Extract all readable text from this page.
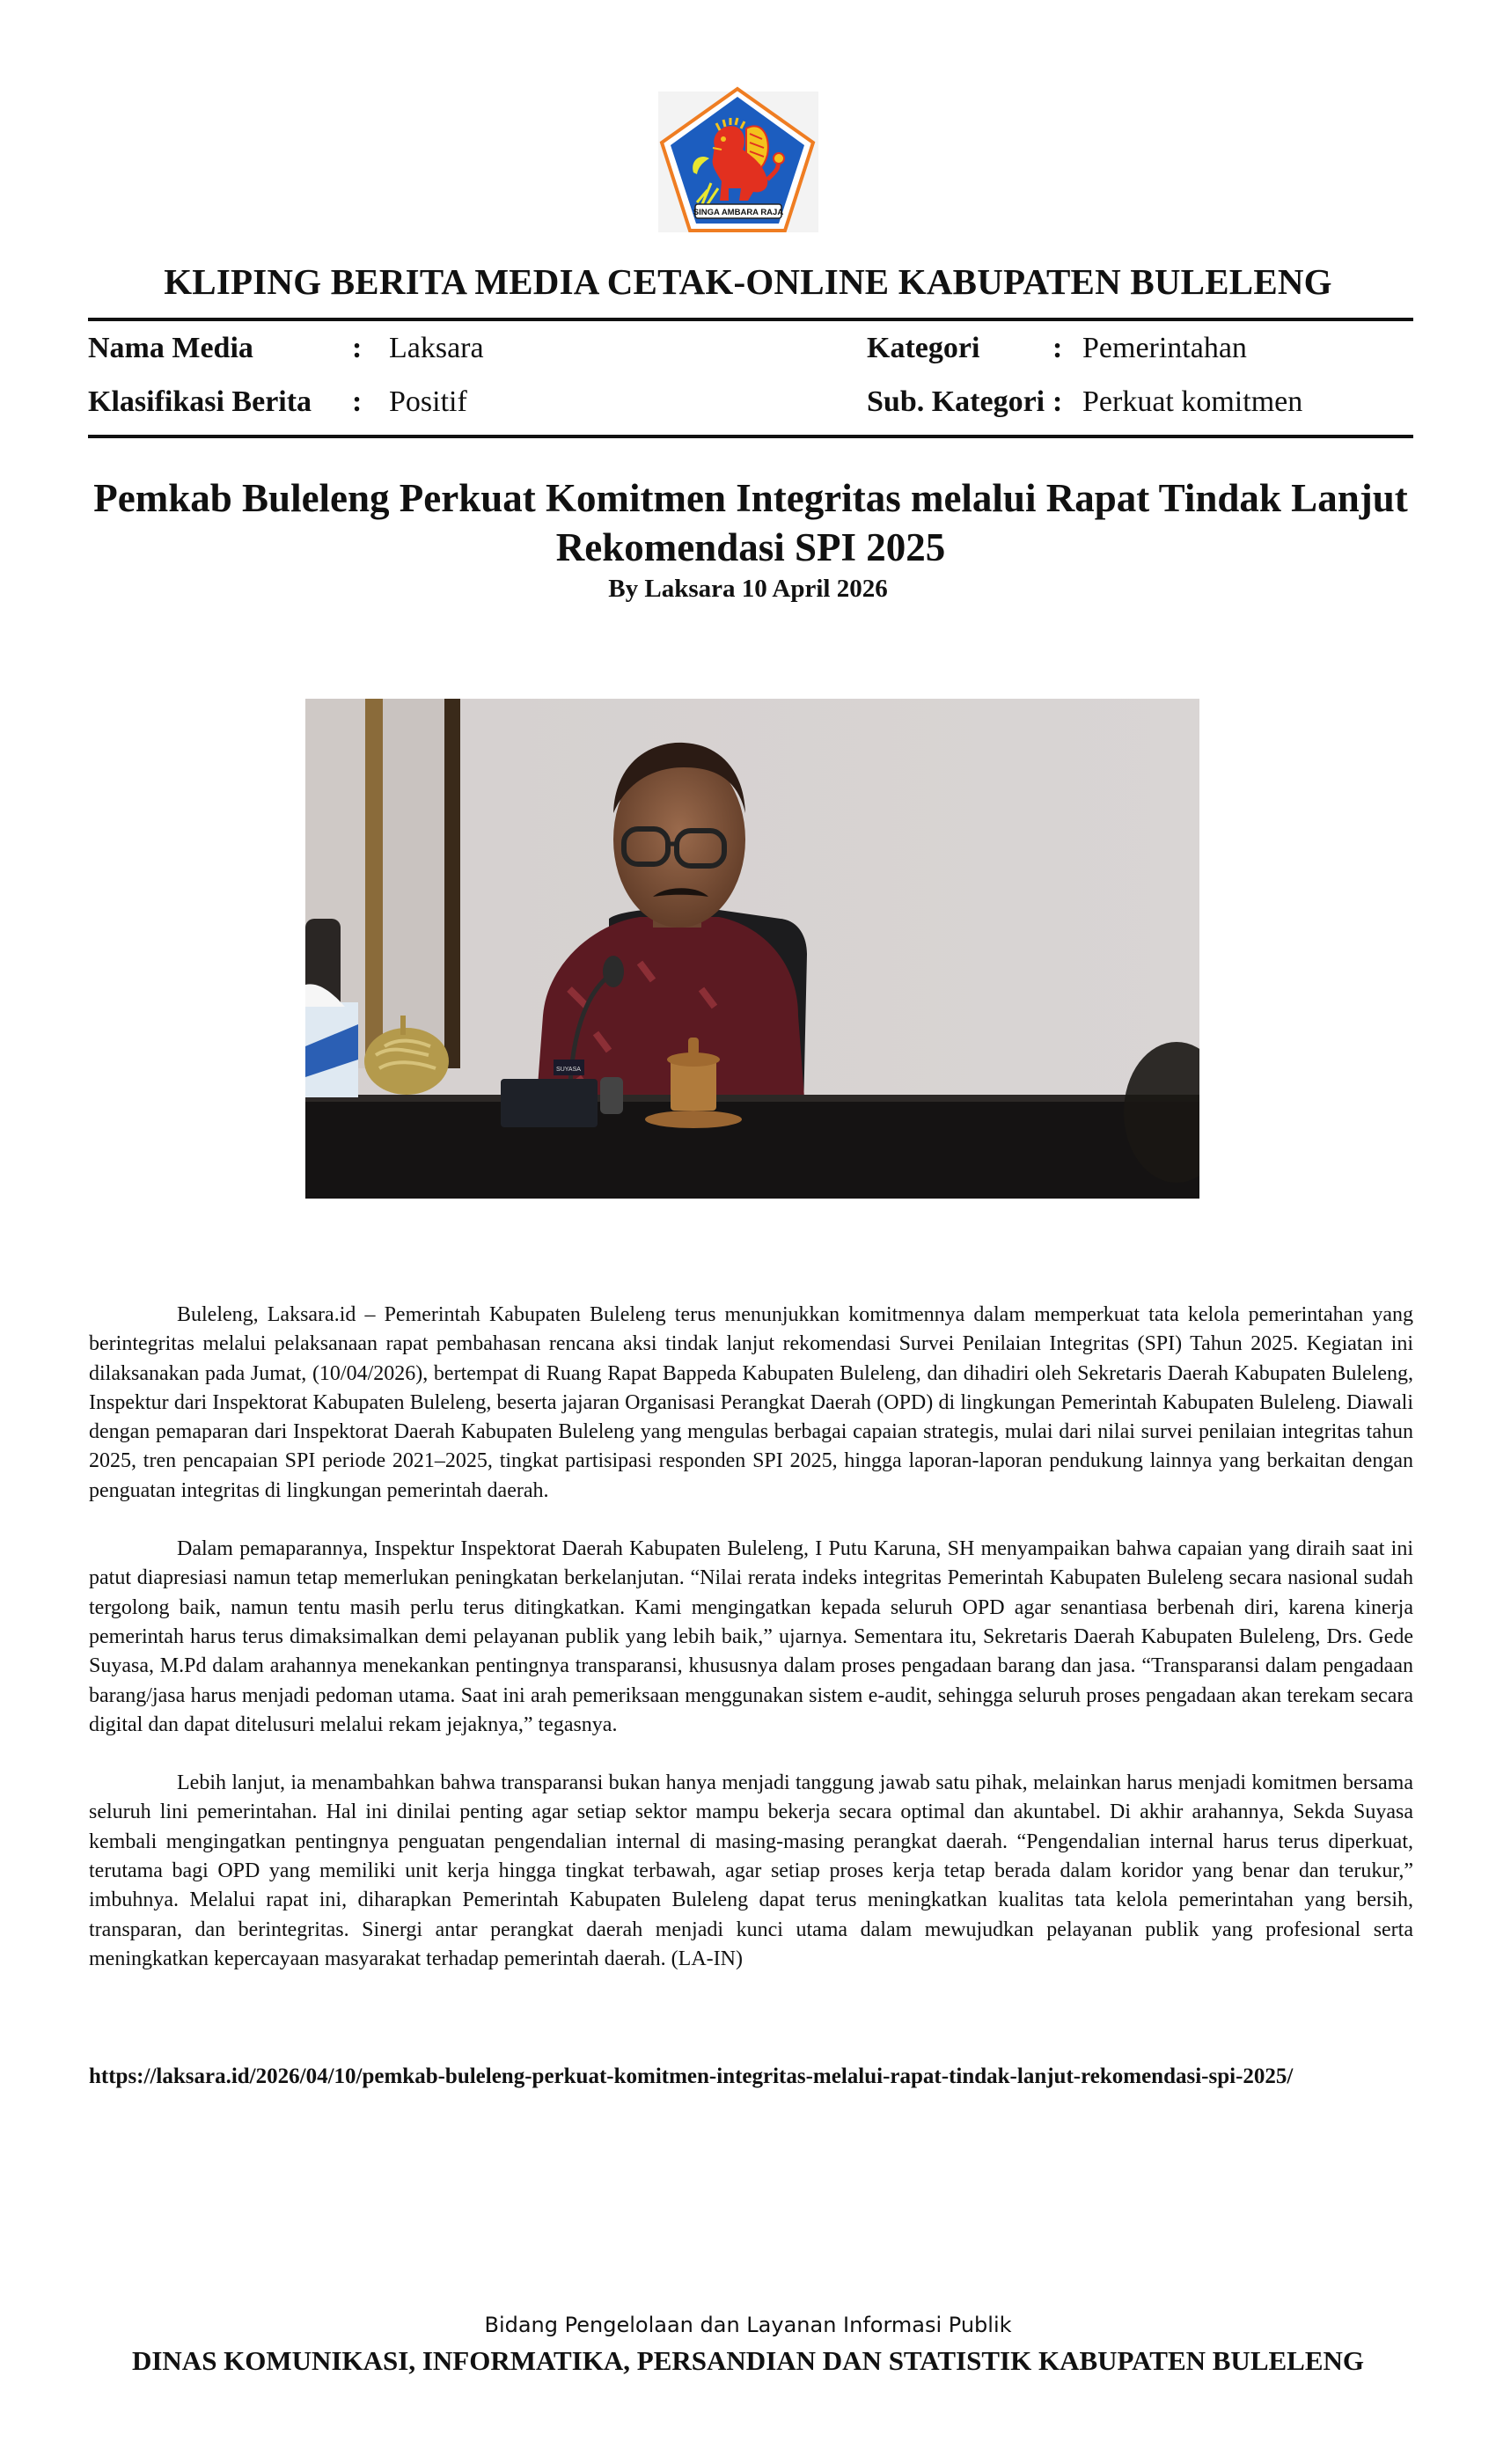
SINGA AMBARA RAJA
KLIPING BERITA MEDIA CETAK-ONLINE KABUPATEN BULELENG
Nama Media	: Laksara
Klasifikasi Berita : Positif
Kategori : Pemerintahan
Sub. Kategori : Perkuat komitmen
Pemkab Buleleng Perkuat Komitmen Integritas melalui Rapat Tindak Lanjut Rekomendasi SPI 2025
By Laksara 10 April 2026
SUYASA

Buleleng, Laksara.id – Pemerintah Kabupaten Buleleng terus menunjukkan komitmennya dalam memperkuat tata kelola pemerintahan yang berintegritas melalui pelaksanaan rapat pembahasan rencana aksi tindak lanjut rekomendasi Survei Penilaian Integritas (SPI) Tahun 2025. Kegiatan ini dilaksanakan pada Jumat, (10/04/2026), bertempat di Ruang Rapat Bappeda Kabupaten Buleleng, dan dihadiri oleh Sekretaris Daerah Kabupaten Buleleng, Inspektur dari Inspektorat Kabupaten Buleleng, beserta jajaran Organisasi Perangkat Daerah (OPD) di lingkungan Pemerintah Kabupaten Buleleng. Diawali dengan pemaparan dari Inspektorat Daerah Kabupaten Buleleng yang mengulas berbagai capaian strategis, mulai dari nilai survei penilaian integritas tahun 2025, tren pencapaian SPI periode 2021–2025, tingkat partisipasi responden SPI 2025, hingga laporan-laporan pendukung lainnya yang berkaitan dengan penguatan integritas di lingkungan pemerintah daerah.

Dalam pemaparannya, Inspektur Inspektorat Daerah Kabupaten Buleleng, I Putu Karuna, SH menyampaikan bahwa capaian yang diraih saat ini patut diapresiasi namun tetap memerlukan peningkatan berkelanjutan. “Nilai rerata indeks integritas Pemerintah Kabupaten Buleleng secara nasional sudah tergolong baik, namun tentu masih perlu terus ditingkatkan. Kami mengingatkan kepada seluruh OPD agar senantiasa berbenah diri, karena kinerja pemerintah harus terus dimaksimalkan demi pelayanan publik yang lebih baik,” ujarnya. Sementara itu, Sekretaris Daerah Kabupaten Buleleng, Drs. Gede Suyasa, M.Pd dalam arahannya menekankan pentingnya transparansi, khususnya dalam proses pengadaan barang dan jasa. “Transparansi dalam pengadaan barang/jasa harus menjadi pedoman utama. Saat ini arah pemeriksaan menggunakan sistem e-audit, sehingga seluruh proses pengadaan akan terekam secara digital dan dapat ditelusuri melalui rekam jejaknya,” tegasnya.

Lebih lanjut, ia menambahkan bahwa transparansi bukan hanya menjadi tanggung jawab satu pihak, melainkan harus menjadi komitmen bersama seluruh lini pemerintahan. Hal ini dinilai penting agar setiap sektor mampu bekerja secara optimal dan akuntabel. Di akhir arahannya, Sekda Suyasa kembali mengingatkan pentingnya penguatan pengendalian internal di masing-masing perangkat daerah. “Pengendalian internal harus terus diperkuat, terutama bagi OPD yang memiliki unit kerja hingga tingkat terbawah, agar setiap proses kerja tetap berada dalam koridor yang benar dan terukur,” imbuhnya. Melalui rapat ini, diharapkan Pemerintah Kabupaten Buleleng dapat terus meningkatkan kualitas tata kelola pemerintahan yang bersih, transparan, dan berintegritas. Sinergi antar perangkat daerah menjadi kunci utama dalam mewujudkan pelayanan publik yang profesional serta meningkatkan kepercayaan masyarakat terhadap pemerintah daerah. (LA-IN)

https://laksara.id/2026/04/10/pemkab-buleleng-perkuat-komitmen-integritas-melalui-rapat-tindak-lanjut-rekomendasi-spi-2025/
Bidang Pengelolaan dan Layanan Informasi Publik
DINAS KOMUNIKASI, INFORMATIKA, PERSANDIAN DAN STATISTIK KABUPATEN BULELENG
